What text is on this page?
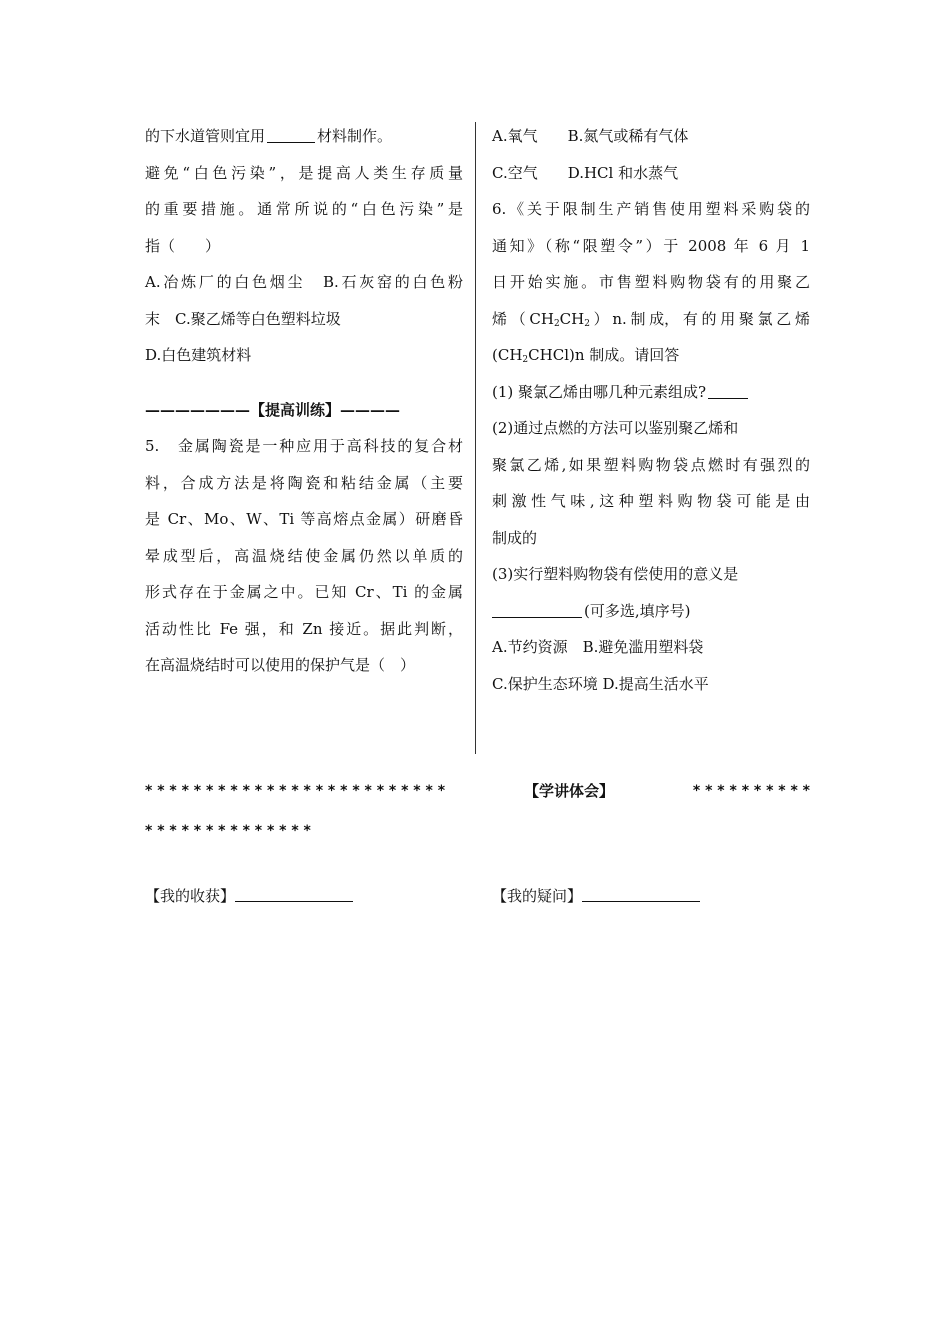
的下水道管则宜用	材料制作。
避免“白色污染”，是提高人类生存质量
的重要措施。通常所说的“白色污染”是
指（　　）
A.冶炼厂的白色烟尘　B.石灰窑的白色粉
末　C.聚乙烯等白色塑料垃圾
D.白色建筑材料
———————【提高训练】————
5.　金属陶瓷是一种应用于高科技的复合材
料，合成方法是将陶瓷和粘结金属（主要
是 Cr、Mo、W、Ti 等高熔点金属）研磨昏
晕成型后，高温烧结使金属仍然以单质的
形式存在于金属之中。已知 Cr、Ti 的金属
活动性比 Fe 强，和 Zn 接近。据此判断，
在高温烧结时可以使用的保护气是（　）
A.氧气　　B.氮气或稀有气体
C.空气　　D.HCl 和水蒸气
6.《关于限制生产销售使用塑料采购袋的
通知》（称“限塑令”）于 2008 年 6 月 1
日开始实施。市售塑料购物袋有的用聚乙
烯 （ $CH_2CH_2$ ） n. 制 成， 有 的 用 聚 氯 乙 烯
$(CH_2CHCl)n$ 制成。请回答
(1) 聚氯乙烯由哪几种元素组成?
(2)通过点燃的方法可以鉴别聚乙烯和
聚氯乙烯,如果塑料购物袋点燃时有强烈的
刺激性气味,这种塑料购物袋可能是由
制成的
(3)实行塑料购物袋有偿使用的意义是
(可多选,填序号)
A.节约资源　B.避免滥用塑料袋
C.保护生态环境 D.提高生活水平
* * * * * * * * * * * * * * * * * * * * * * * * *	【学讲体会】	* * * * * * * * * *
* * * * * * * * * * * * * *
【我的收获】	【我的疑问】
